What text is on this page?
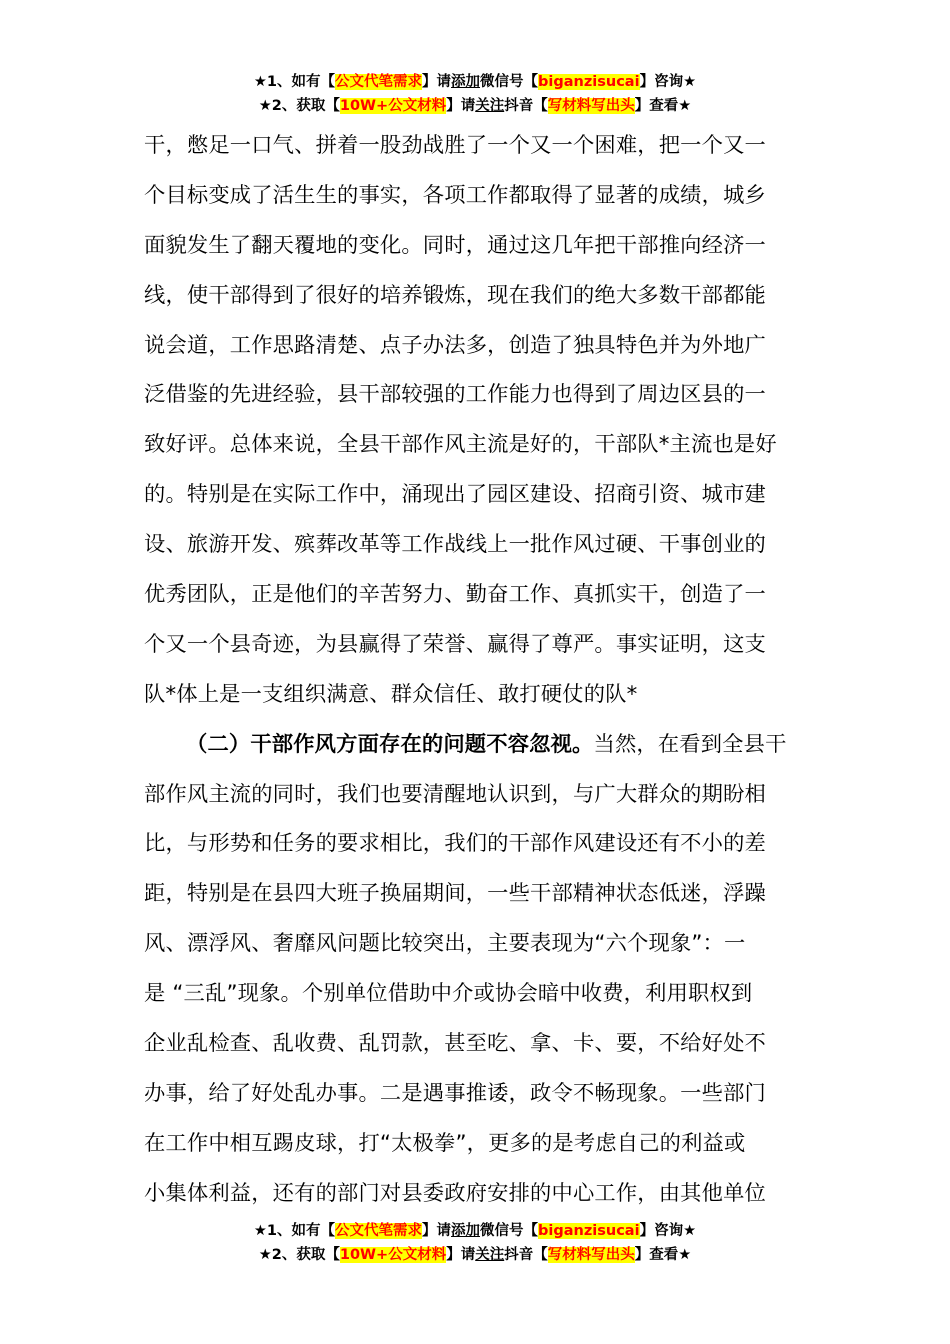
★1、如有【公文代笔需求】请添加微信号【biganzisucai】咨询★
★2、获取【10W+公文材料】请关注抖音【写材料写出头】查看★
干，憋足一口气、拼着一股劲战胜了一个又一个困难，把一个又一
个目标变成了活生生的事实，各项工作都取得了显著的成绩，城乡
面貌发生了翻天覆地的变化。同时，通过这几年把干部推向经济一
线，使干部得到了很好的培养锻炼，现在我们的绝大多数干部都能
说会道，工作思路清楚、点子办法多，创造了独具特色并为外地广
泛借鉴的先进经验，县干部较强的工作能力也得到了周边区县的一
致好评。总体来说，全县干部作风主流是好的，干部队*主流也是好
的。特别是在实际工作中，涌现出了园区建设、招商引资、城市建
设、旅游开发、殡葬改革等工作战线上一批作风过硬、干事创业的
优秀团队，正是他们的辛苦努力、勤奋工作、真抓实干，创造了一
个又一个县奇迹，为县赢得了荣誉、赢得了尊严。事实证明，这支
队*体上是一支组织满意、群众信任、敢打硬仗的队*
（二）干部作风方面存在的问题不容忽视。当然，在看到全县干
部作风主流的同时，我们也要清醒地认识到，与广大群众的期盼相
比，与形势和任务的要求相比，我们的干部作风建设还有不小的差
距，特别是在县四大班子换届期间，一些干部精神状态低迷，浮躁
风、漂浮风、奢靡风问题比较突出，主要表现为“六个现象”：一
是 “三乱”现象。个别单位借助中介或协会暗中收费，利用职权到
企业乱检查、乱收费、乱罚款，甚至吃、拿、卡、要，不给好处不
办事，给了好处乱办事。二是遇事推诿，政令不畅现象。一些部门
在工作中相互踢皮球，打“太极拳”，更多的是考虑自己的利益或
小集体利益，还有的部门对县委政府安排的中心工作，由其他单位
★1、如有【公文代笔需求】请添加微信号【biganzisucai】咨询★
★2、获取【10W+公文材料】请关注抖音【写材料写出头】查看★
